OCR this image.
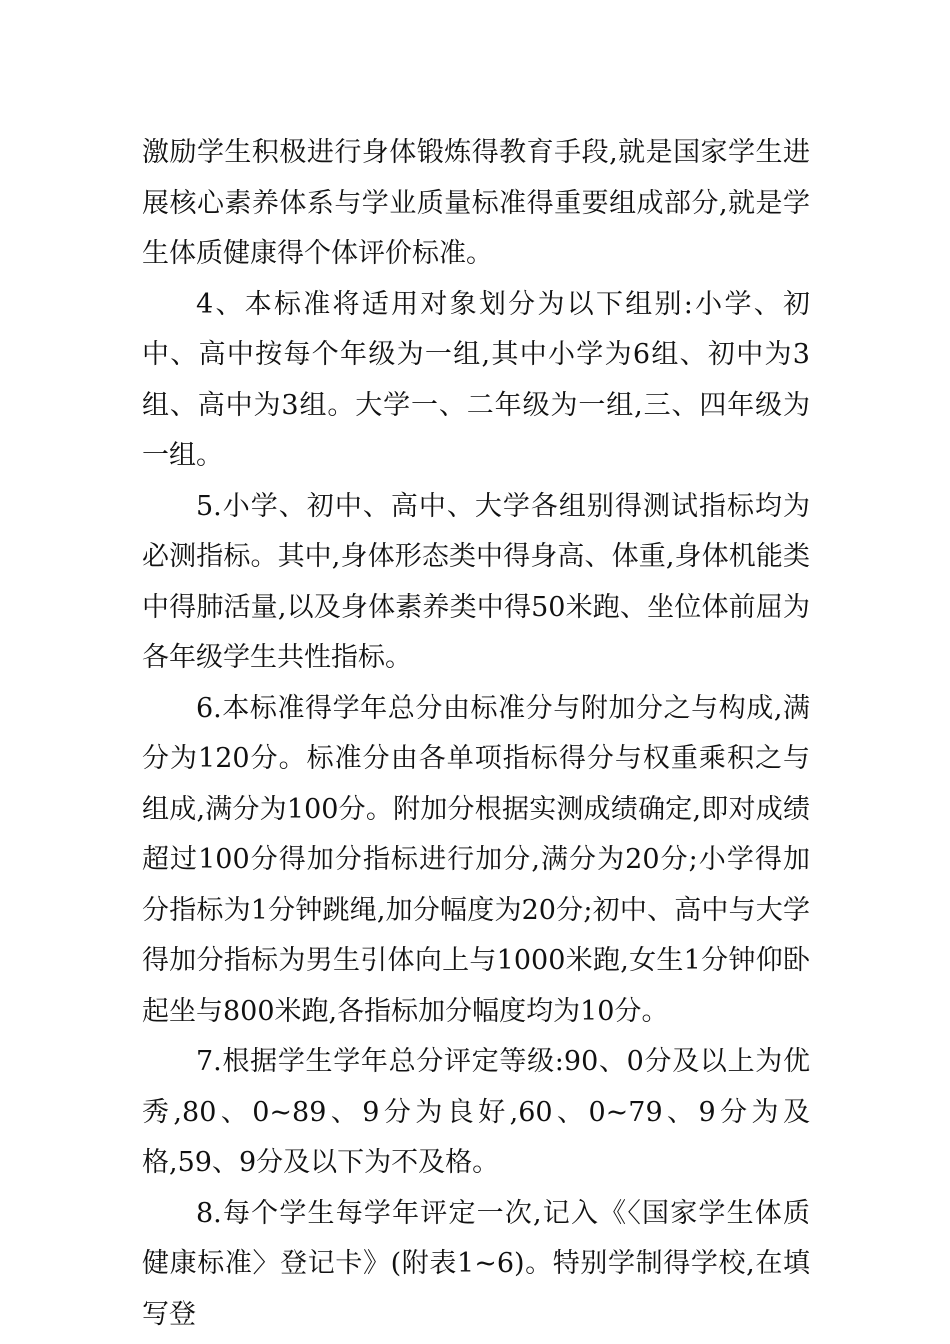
激励学生积极进行身体锻炼得教育手段,就是国家学生进展核心素养体系与学业质量标准得重要组成部分,就是学生体质健康得个体评价标准。

4、本标准将适用对象划分为以下组别:小学、初中、高中按每个年级为一组,其中小学为6组、初中为3组、高中为3组。大学一、二年级为一组,三、四年级为一组。

5.小学、初中、高中、大学各组别得测试指标均为必测指标。其中,身体形态类中得身高、体重,身体机能类中得肺活量,以及身体素养类中得50米跑、坐位体前屈为各年级学生共性指标。

6.本标准得学年总分由标准分与附加分之与构成,满分为120分。标准分由各单项指标得分与权重乘积之与组成,满分为100分。附加分根据实测成绩确定,即对成绩超过100分得加分指标进行加分,满分为20分;小学得加分指标为1分钟跳绳,加分幅度为20分;初中、高中与大学得加分指标为男生引体向上与1000米跑,女生1分钟仰卧起坐与800米跑,各指标加分幅度均为10分。

7.根据学生学年总分评定等级:90、0分及以上为优秀,80、0~89、9分为良好,60、0~79、9分为及格,59、9分及以下为不及格。

8.每个学生每学年评定一次,记入《〈国家学生体质健康标准〉登记卡》(附表1~6)。特别学制得学校,在填写登
